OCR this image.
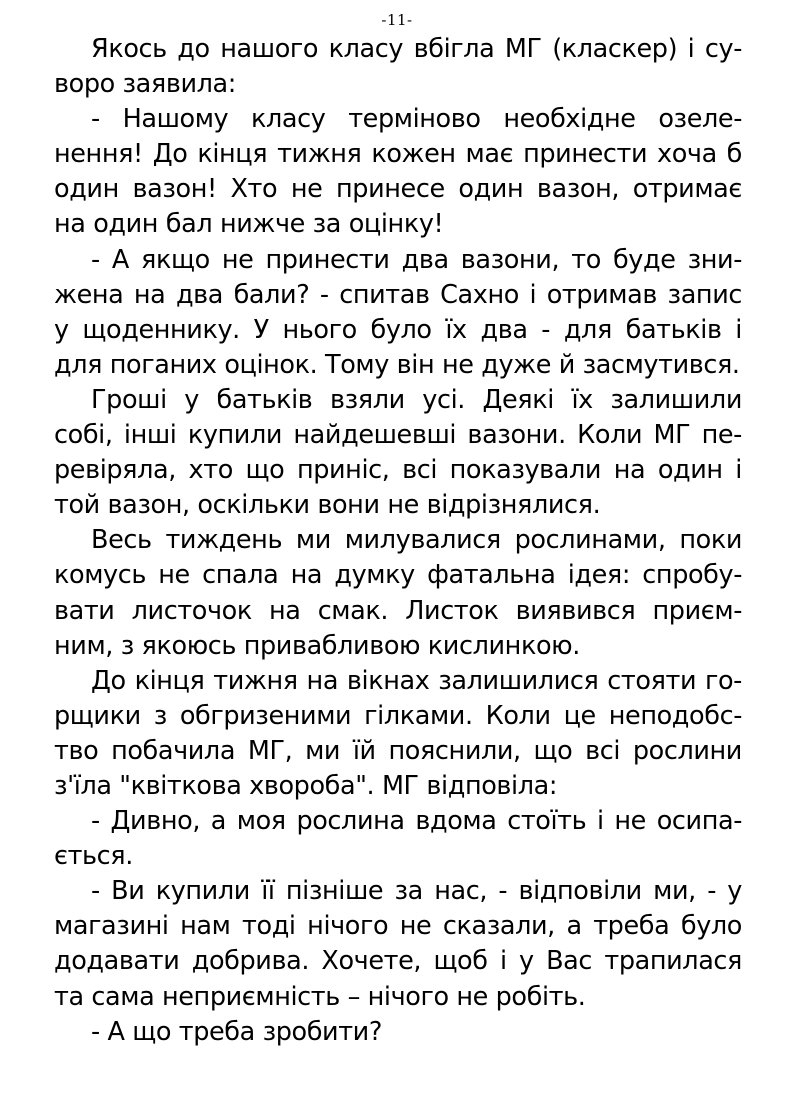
-11-
Якось до нашого класу вбігла МГ (класкер) і су-
воро заявила:
- Нашому класу терміново необхідне озеле-
нення! До кінця тижня кожен має принести хоча б
один вазон! Хто не принесе один вазон, отримає
на один бал нижче за оцінку!
- А якщо не принести два вазони, то буде зни-
жена на два бали? - спитав Сахно і отримав запис
у щоденнику. У нього було їх два - для батьків і
для поганих оцінок. Тому він не дуже й засмутився.
Гроші у батьків взяли усі. Деякі їх залишили
собі, інші купили найдешевші вазони. Коли МГ пе-
ревіряла, хто що приніс, всі показували на один і
той вазон, оскільки вони не відрізнялися.
Весь тиждень ми милувалися рослинами, поки
комусь не спала на думку фатальна ідея: спробу-
вати листочок на смак. Листок виявився приєм-
ним, з якоюсь привабливою кислинкою.
До кінця тижня на вікнах залишилися стояти го-
рщики з обгризеними гілками. Коли це неподобс-
тво побачила МГ, ми їй пояснили, що всі рослини
з'їла "квіткова хвороба". МГ відповіла:
- Дивно, а моя рослина вдома стоїть і не осипа-
ється.
- Ви купили її пізніше за нас, - відповіли ми, - у
магазині нам тоді нічого не сказали, а треба було
додавати добрива. Хочете, щоб і у Вас трапилася
та сама неприємність – нічого не робіть.
- А що треба зробити?
